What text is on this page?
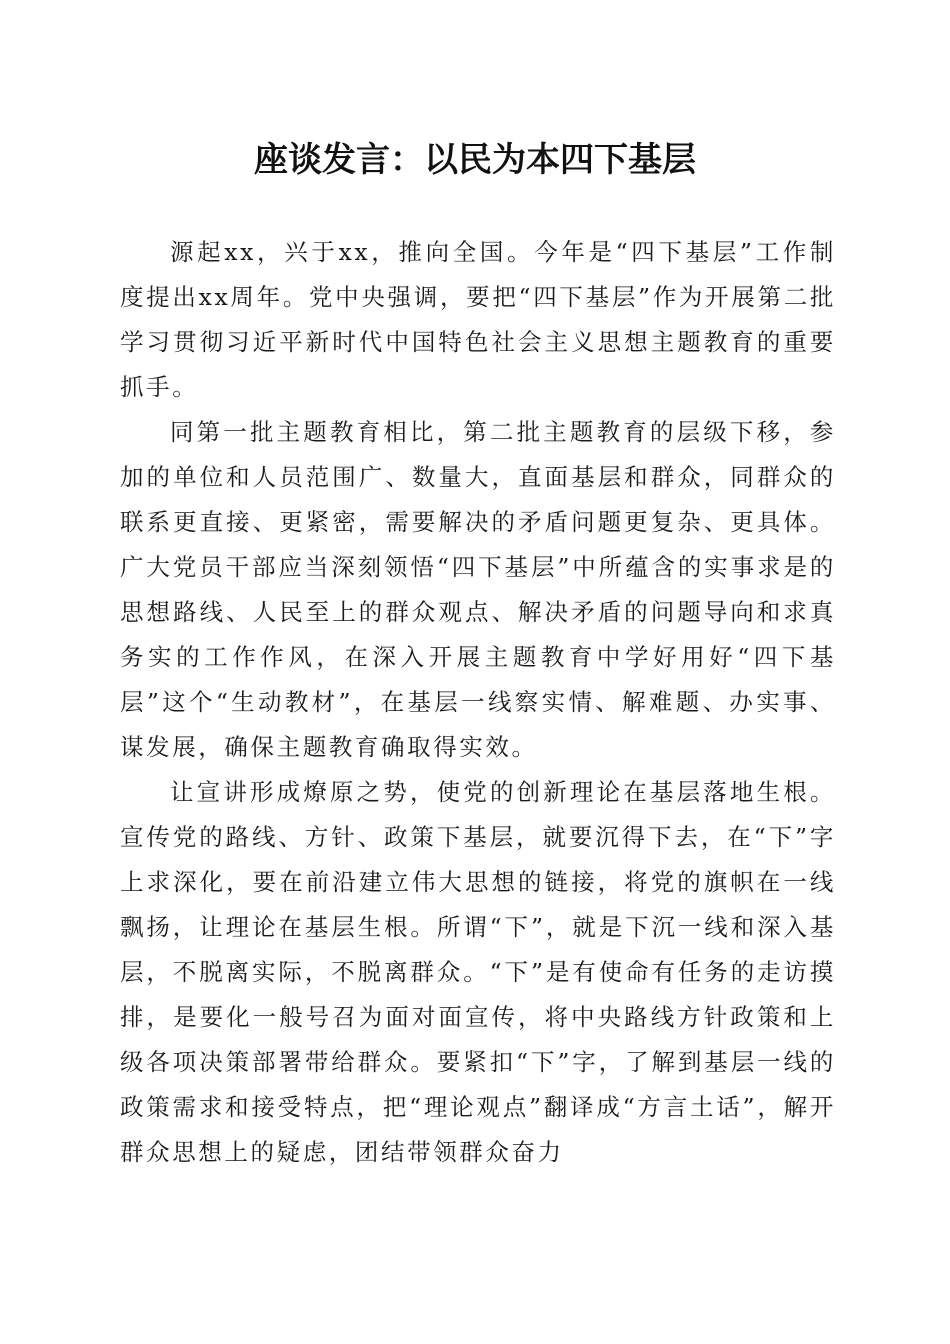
座谈发言：以民为本四下基层

源起xx，兴于xx，推向全国。今年是“四下基层”工作制度提出xx周年。党中央强调，要把“四下基层”作为开展第二批学习贯彻习近平新时代中国特色社会主义思想主题教育的重要抓手。

同第一批主题教育相比，第二批主题教育的层级下移，参加的单位和人员范围广、数量大，直面基层和群众，同群众的联系更直接、更紧密，需要解决的矛盾问题更复杂、更具体。广大党员干部应当深刻领悟“四下基层”中所蕴含的实事求是的思想路线、人民至上的群众观点、解决矛盾的问题导向和求真务实的工作作风，在深入开展主题教育中学好用好“四下基层”这个“生动教材”，在基层一线察实情、解难题、办实事、谋发展，确保主题教育确取得实效。

让宣讲形成燎原之势，使党的创新理论在基层落地生根。宣传党的路线、方针、政策下基层，就要沉得下去，在“下”字上求深化，要在前沿建立伟大思想的链接，将党的旗帜在一线飘扬，让理论在基层生根。所谓“下”，就是下沉一线和深入基层，不脱离实际，不脱离群众。“下”是有使命有任务的走访摸排，是要化一般号召为面对面宣传，将中央路线方针政策和上级各项决策部署带给群众。要紧扣“下”字，了解到基层一线的政策需求和接受特点，把“理论观点”翻译成“方言土话”，解开群众思想上的疑虑，团结带领群众奋力
